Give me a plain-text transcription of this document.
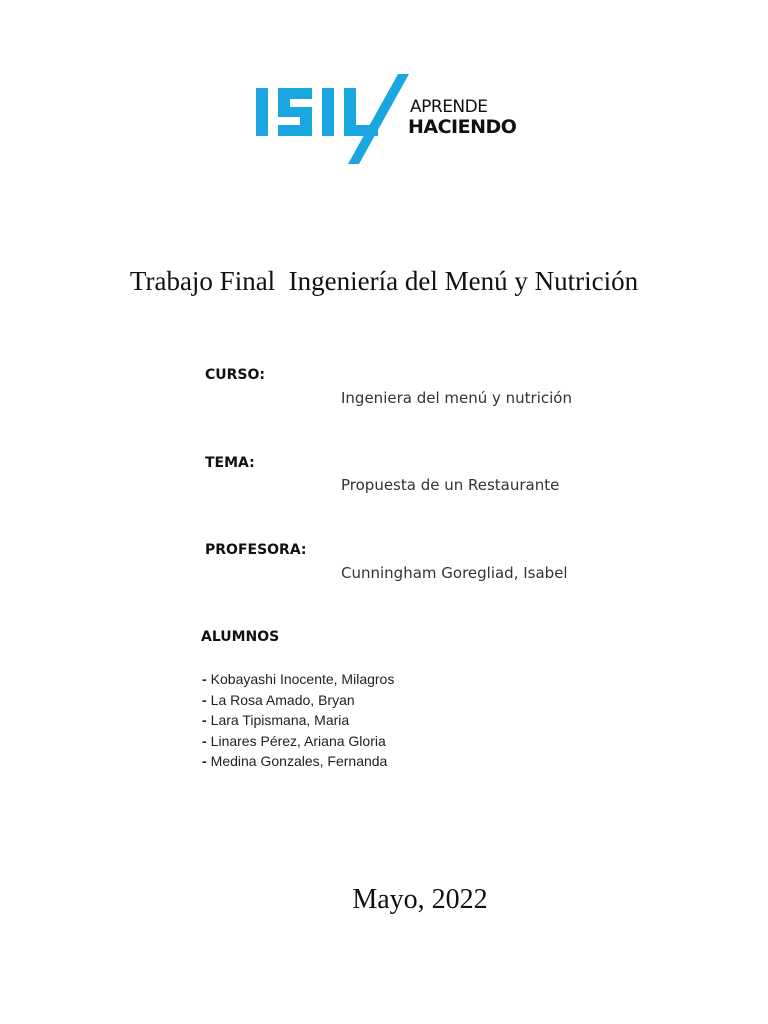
APRENDE
HACIENDO
Trabajo Final  Ingeniería del Menú y Nutrición
CURSO:
Ingeniera del menú y nutrición
TEMA:
Propuesta de un Restaurante
PROFESORA:
Cunningham Goregliad, Isabel
ALUMNOS
- Kobayashi Inocente, Milagros
- La Rosa Amado, Bryan
- Lara Tipismana, Maria
- Linares Pérez, Ariana Gloria
- Medina Gonzales, Fernanda
Mayo, 2022
